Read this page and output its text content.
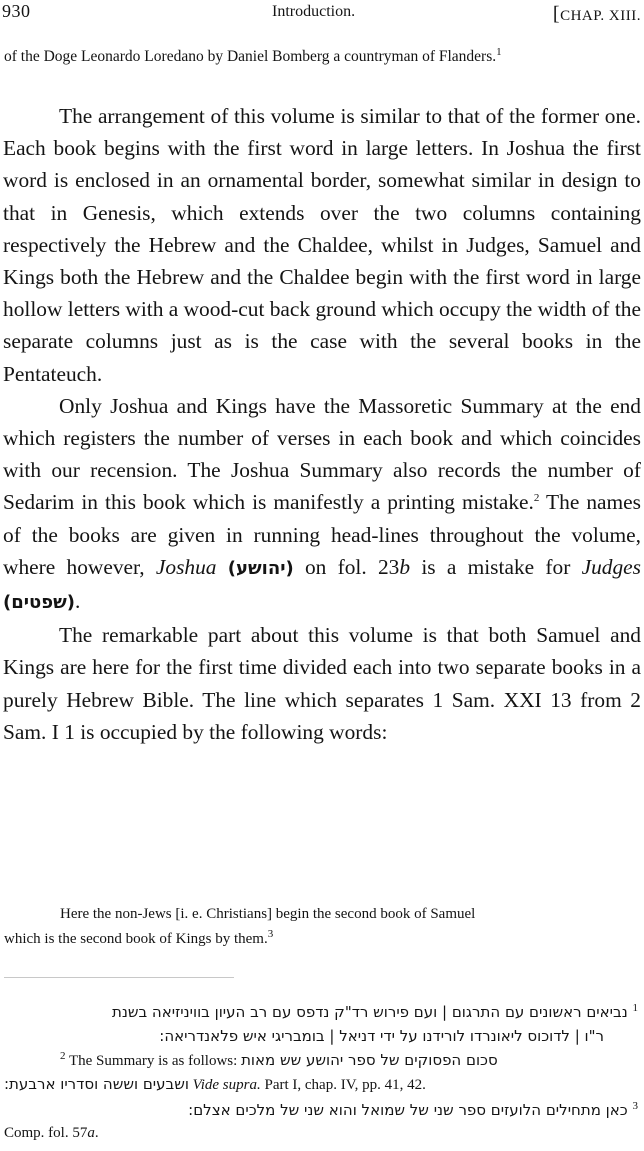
930	Introduction.	[CHAP. XIII.
of the Doge Leonardo Loredano by Daniel Bomberg a countryman of Flanders.$^1$

The arrangement of this volume is similar to that of the former one. Each book begins with the first word in large letters. In Joshua the first word is enclosed in an ornamental border, somewhat similar in design to that in Genesis, which extends over the two columns containing respectively the Hebrew and the Chaldee, whilst in Judges, Samuel and Kings both the Hebrew and the Chaldee begin with the first word in large hollow letters with a wood-cut back ground which occupy the width of the separate columns just as is the case with the several books in the Pentateuch.

Only Joshua and Kings have the Massoretic Summary at the end which registers the number of verses in each book and which coincides with our recension. The Joshua Summary also records the number of Sedarim in this book which is manifestly a printing mistake.$^2$ The names of the books are given in running head-lines throughout the volume, where however, Joshua (יהושע) on fol. 23b is a mistake for Judges (שפטים).

The remarkable part about this volume is that both Samuel and Kings are here for the first time divided each into two separate books in a purely Hebrew Bible. The line which separates 1 Sam. XXI 13 from 2 Sam. I 1 is occupied by the following words:

Here the non-Jews [i. e. Christians] begin the second book of Samuel
which is the second book of Kings by them.$^3$
$^1$ נביאים ראשונים עם התרגום | ועם פירוש רד"ק נדפס עם רב העיון בוויניזיאה בשנת
ר"ו | לדוכוס ליאונרדו לורידנו על ידי דניאל | בומבריגי איש פלאנדריאה:
$^2$ The Summary is as follows: סכום הפסוקים של ספר יהושע שש מאות
ושבעים וששה וסדריו ארבעת: Vide supra. Part I, chap. IV, pp. 41, 42.
$^3$ כאן מתחילים הלועזים ספר שני של שמואל והוא שני של מלכים אצלם:
Comp. fol. 57a.
